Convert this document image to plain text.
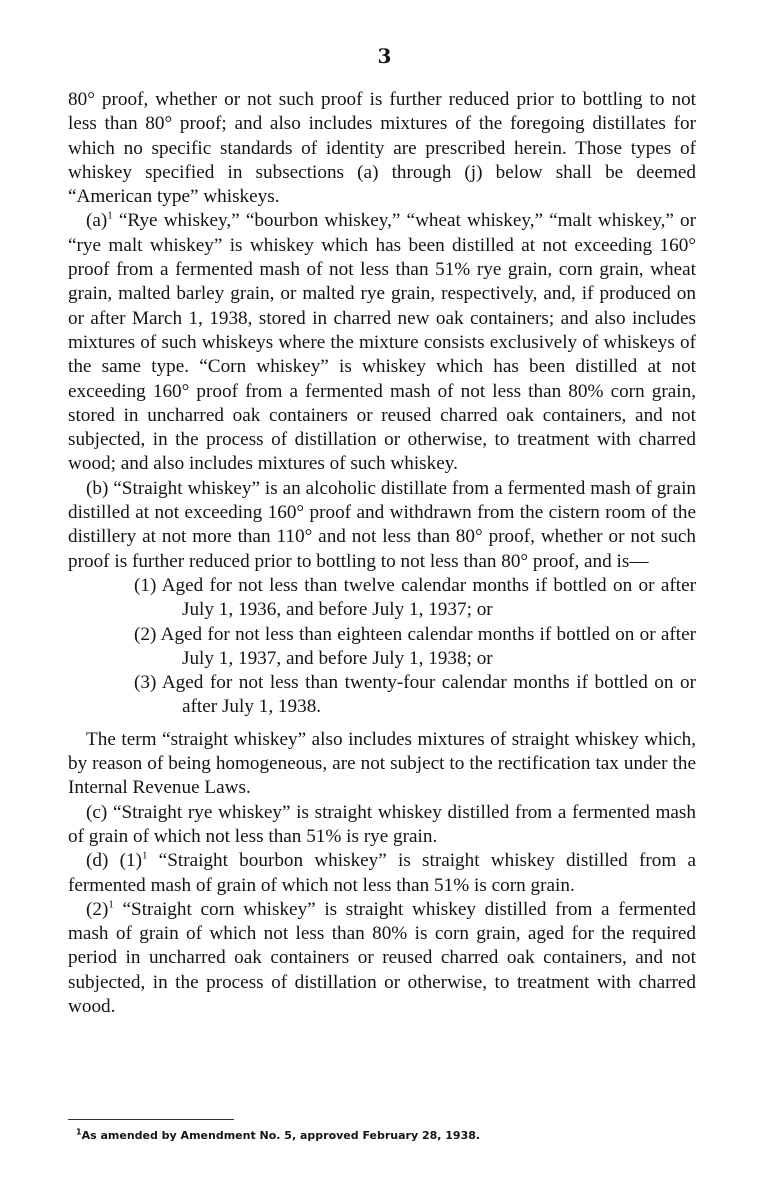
3

80° proof, whether or not such proof is further reduced prior to bottling to not less than 80° proof; and also includes mixtures of the foregoing distillates for which no specific standards of identity are prescribed herein. Those types of whiskey specified in subsections (a) through (j) below shall be deemed “American type” whiskeys.

$(a)^1$ “Rye whiskey,” “bourbon whiskey,” “wheat whiskey,” “malt whiskey,” or “rye malt whiskey” is whiskey which has been distilled at not exceeding 160° proof from a fermented mash of not less than 51% rye grain, corn grain, wheat grain, malted barley grain, or malted rye grain, respectively, and, if produced on or after March 1, 1938, stored in charred new oak containers; and also includes mixtures of such whiskeys where the mixture consists exclusively of whiskeys of the same type. “Corn whiskey” is whiskey which has been distilled at not exceeding 160° proof from a fermented mash of not less than 80% corn grain, stored in uncharred oak containers or reused charred oak containers, and not subjected, in the process of distillation or otherwise, to treatment with charred wood; and also includes mixtures of such whiskey.

(b) “Straight whiskey” is an alcoholic distillate from a fermented mash of grain distilled at not exceeding 160° proof and withdrawn from the cistern room of the distillery at not more than 110° and not less than 80° proof, whether or not such proof is further reduced prior to bottling to not less than 80° proof, and is—

(1) Aged for not less than twelve calendar months if bottled on or after July 1, 1936, and before July 1, 1937; or

(2) Aged for not less than eighteen calendar months if bottled on or after July 1, 1937, and before July 1, 1938; or

(3) Aged for not less than twenty-four calendar months if bottled on or after July 1, 1938.

The term “straight whiskey” also includes mixtures of straight whiskey which, by reason of being homogeneous, are not subject to the rectification tax under the Internal Revenue Laws.

(c) “Straight rye whiskey” is straight whiskey distilled from a fermented mash of grain of which not less than 51% is rye grain.

(d) $(1)^1$ “Straight bourbon whiskey” is straight whiskey distilled from a fermented mash of grain of which not less than 51% is corn grain.

$(2)^1$ “Straight corn whiskey” is straight whiskey distilled from a fermented mash of grain of which not less than 80% is corn grain, aged for the required period in uncharred oak containers or reused charred oak containers, and not subjected, in the process of distillation or otherwise, to treatment with charred wood.

$^1$As amended by Amendment No. 5, approved February 28, 1938.
